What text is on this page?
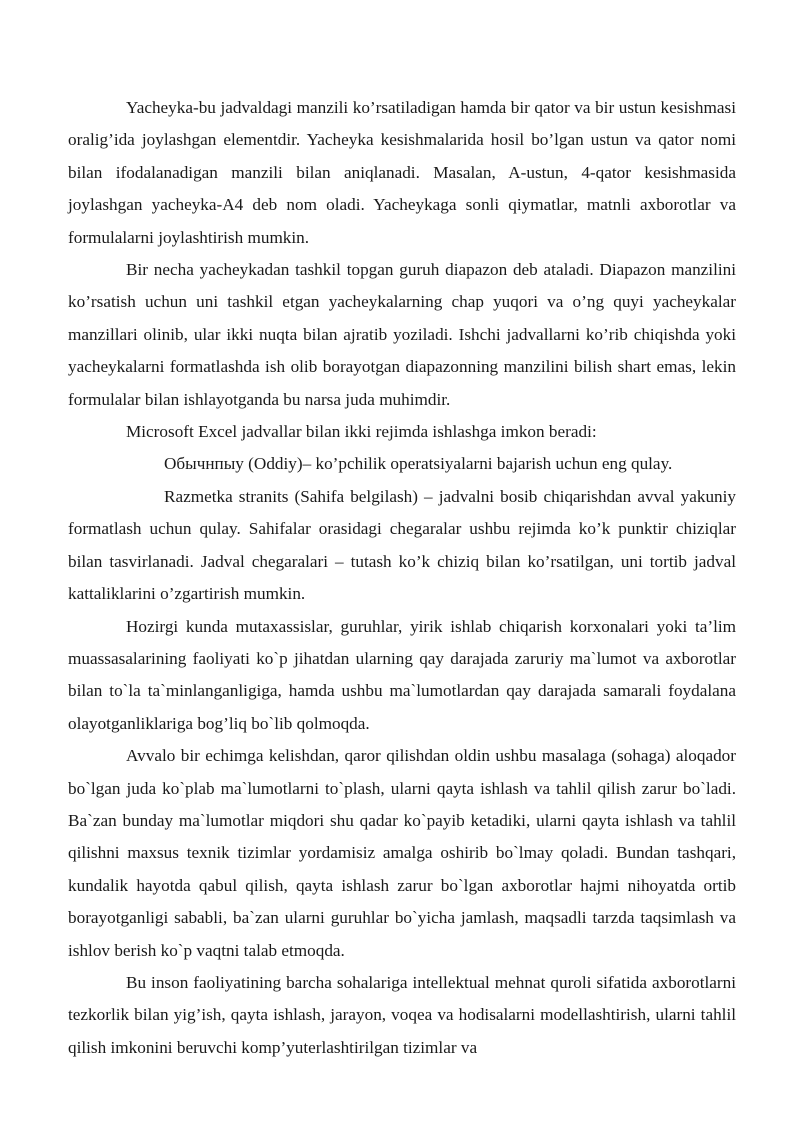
Yacheyka-bu jadvaldagi manzili ko’rsatiladigan hamda bir qator va bir ustun kesishmasi oralig’ida joylashgan elementdir. Yacheyka kesishmalarida hosil bo’lgan ustun va qator nomi bilan ifodalanadigan manzili bilan aniqlanadi. Masalan, A-ustun, 4-qator kesishmasida joylashgan yacheyka-A4 deb nom oladi. Yacheykaga sonli qiymatlar, matnli axborotlar va formulalarni joylashtirish mumkin.

Bir necha yacheykadan tashkil topgan guruh diapazon deb ataladi. Diapazon manzilini ko’rsatish uchun uni tashkil etgan yacheykalarning chap yuqori va o’ng quyi yacheykalar manzillari olinib, ular ikki nuqta bilan ajratib yoziladi. Ishchi jadvallarni ko’rib chiqishda yoki yacheykalarni formatlashda ish olib borayotgan diapazonning manzilini bilish shart emas, lekin formulalar bilan ishlayotganda bu narsa juda muhimdir.

Microsoft Excel jadvallar bilan ikki rejimda ishlashga imkon beradi:

Обычнпыу (Oddiy)– ko’pchilik operatsiyalarni bajarish uchun eng qulay.

Razmetka stranits (Sahifa belgilash) – jadvalni bosib chiqarishdan avval yakuniy formatlash uchun qulay. Sahifalar orasidagi chegaralar ushbu rejimda ko’k punktir chiziqlar bilan tasvirlanadi. Jadval chegaralari – tutash ko’k chiziq bilan ko’rsatilgan, uni tortib jadval kattaliklarini o’zgartirish mumkin.

Hozirgi kunda mutaxassislar, guruhlar, yirik ishlab chiqarish korxonalari yoki ta’lim muassasalarining faoliyati ko`p jihatdan ularning qay darajada zaruriy ma`lumot va axborotlar bilan to`la ta`minlanganligiga, hamda ushbu ma`lumotlardan qay darajada samarali foydalana olayotganliklariga bog’liq bo`lib qolmoqda.

Avvalo bir echimga kelishdan, qaror qilishdan oldin ushbu masalaga (sohaga) aloqador bo`lgan juda ko`plab ma`lumotlarni to`plash, ularni qayta ishlash va tahlil qilish zarur bo`ladi. Ba`zan bunday ma`lumotlar miqdori shu qadar ko`payib ketadiki, ularni qayta ishlash va tahlil qilishni maxsus texnik tizimlar yordamisiz amalga oshirib bo`lmay qoladi. Bundan tashqari, kundalik hayotda qabul qilish, qayta ishlash zarur bo`lgan axborotlar hajmi nihoyatda ortib borayotganligi sababli, ba`zan ularni guruhlar bo`yicha jamlash, maqsadli tarzda taqsimlash va ishlov berish ko`p vaqtni talab etmoqda.

Bu inson faoliyatining barcha sohalariga intellektual mehnat quroli sifatida axborotlarni tezkorlik bilan yig’ish, qayta ishlash, jarayon, voqea va hodisalarni modellashtirish, ularni tahlil qilish imkonini beruvchi komp’yuterlashtirilgan tizimlar va
